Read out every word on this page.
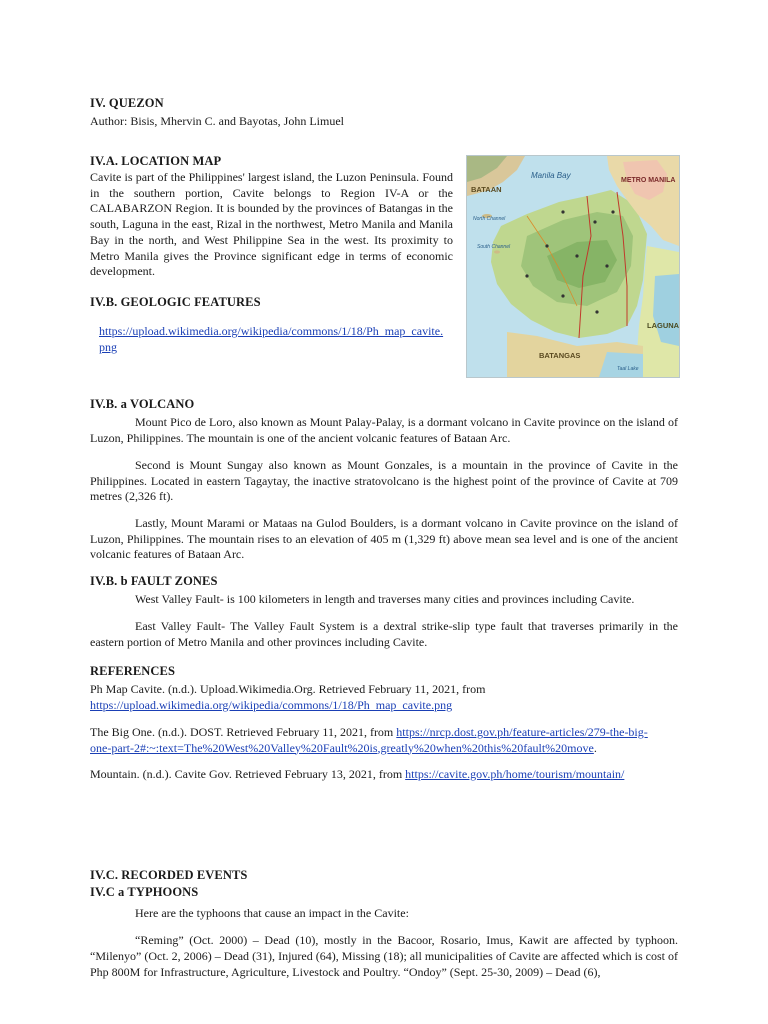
IV. QUEZON
Author: Bisis, Mhervin C. and Bayotas, John Limuel
IV.A. LOCATION MAP

Cavite is part of the Philippines' largest island, the Luzon Peninsula. Found in the southern portion, Cavite belongs to Region IV-A or the CALABARZON Region. It is bounded by the provinces of Batangas in the south, Laguna in the east, Rizal in the northwest, Metro Manila and Manila Bay in the north, and West Philippine Sea in the west. Its proximity to Metro Manila gives the Province significant edge in terms of economic development.

BATAAN
Manila Bay
METRO MANILA
North Channel
South Channel
LAGUNA
BATANGAS
Taal Lake
IV.B. GEOLOGIC FEATURES
https://upload.wikimedia.org/wikipedia/commons/1/18/Ph_map_cavite.
png
IV.B. a VOLCANO

Mount Pico de Loro, also known as Mount Palay-Palay, is a dormant volcano in Cavite province on the island of Luzon, Philippines. The mountain is one of the ancient volcanic features of Bataan Arc.

Second is Mount Sungay also known as Mount Gonzales, is a mountain in the province of Cavite in the Philippines. Located in eastern Tagaytay, the inactive stratovolcano is the highest point of the province of Cavite at 709 metres (2,326 ft).

Lastly, Mount Marami or Mataas na Gulod Boulders, is a dormant volcano in Cavite province on the island of Luzon, Philippines. The mountain rises to an elevation of 405 m (1,329 ft) above mean sea level and is one of the ancient volcanic features of Bataan Arc.

IV.B. b FAULT ZONES

West Valley Fault- is 100 kilometers in length and traverses many cities and provinces including Cavite.

East Valley Fault- The Valley Fault System is a dextral strike-slip type fault that traverses primarily in the eastern portion of Metro Manila and other provinces including Cavite.

REFERENCES
Ph Map Cavite. (n.d.). Upload.Wikimedia.Org. Retrieved February 11, 2021, from
https://upload.wikimedia.org/wikipedia/commons/1/18/Ph_map_cavite.png
The Big One. (n.d.). DOST. Retrieved February 11, 2021, from https://nrcp.dost.gov.ph/feature-articles/279-the-big-
one-part-2#:~:text=The%20West%20Valley%20Fault%20is,greatly%20when%20this%20fault%20move.
Mountain. (n.d.). Cavite Gov. Retrieved February 13, 2021, from https://cavite.gov.ph/home/tourism/mountain/
IV.C. RECORDED EVENTS
IV.C a TYPHOONS

Here are the typhoons that cause an impact in the Cavite:

“Reming” (Oct. 2000) – Dead (10), mostly in the Bacoor, Rosario, Imus, Kawit are affected by typhoon. “Milenyo” (Oct. 2, 2006) – Dead (31), Injured (64), Missing (18); all municipalities of Cavite are affected which is cost of Php 800M for Infrastructure, Agriculture, Livestock and Poultry. “Ondoy” (Sept. 25-30, 2009) – Dead (6),
